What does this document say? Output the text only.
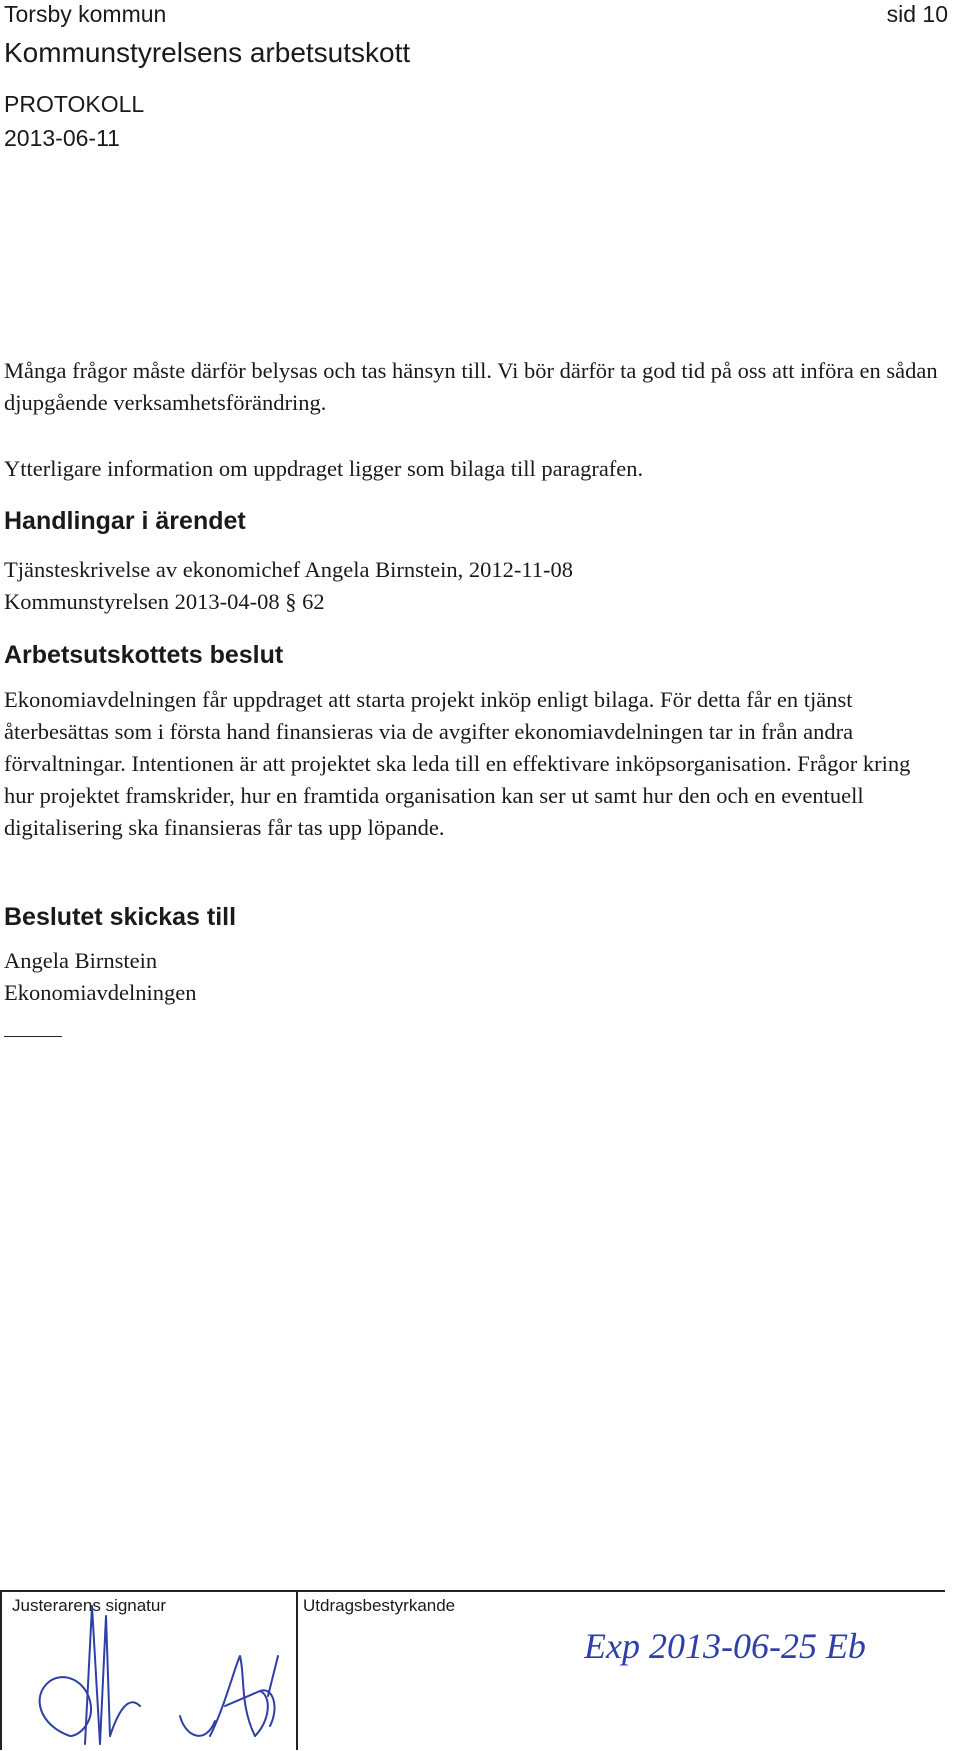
Torsby kommun	sid 10
Kommunstyrelsens arbetsutskott
PROTOKOLL
2013-06-11

Många frågor måste därför belysas och tas hänsyn till. Vi bör därför ta god tid på oss att införa en sådan djupgående verksamhetsförändring.

Ytterligare information om uppdraget ligger som bilaga till paragrafen.

Handlingar i ärendet

Tjänsteskrivelse av ekonomichef Angela Birnstein, 2012-11-08

Kommunstyrelsen 2013-04-08 § 62

Arbetsutskottets beslut

Ekonomiavdelningen får uppdraget att starta projekt inköp enligt bilaga. För detta får en tjänst återbesättas som i första hand finansieras via de avgifter ekonomiavdelningen tar in från andra förvaltningar. Intentionen är att projektet ska leda till en effektivare inköpsorganisation. Frågor kring hur projektet framskrider, hur en framtida organisation kan ser ut samt hur den och en eventuell digitalisering ska finansieras får tas upp löpande.

Beslutet skickas till

Angela Birnstein

Ekonomiavdelningen

Justerarens signatur	Utdragsbestyrkande
Exp 2013-06-25 Eb
